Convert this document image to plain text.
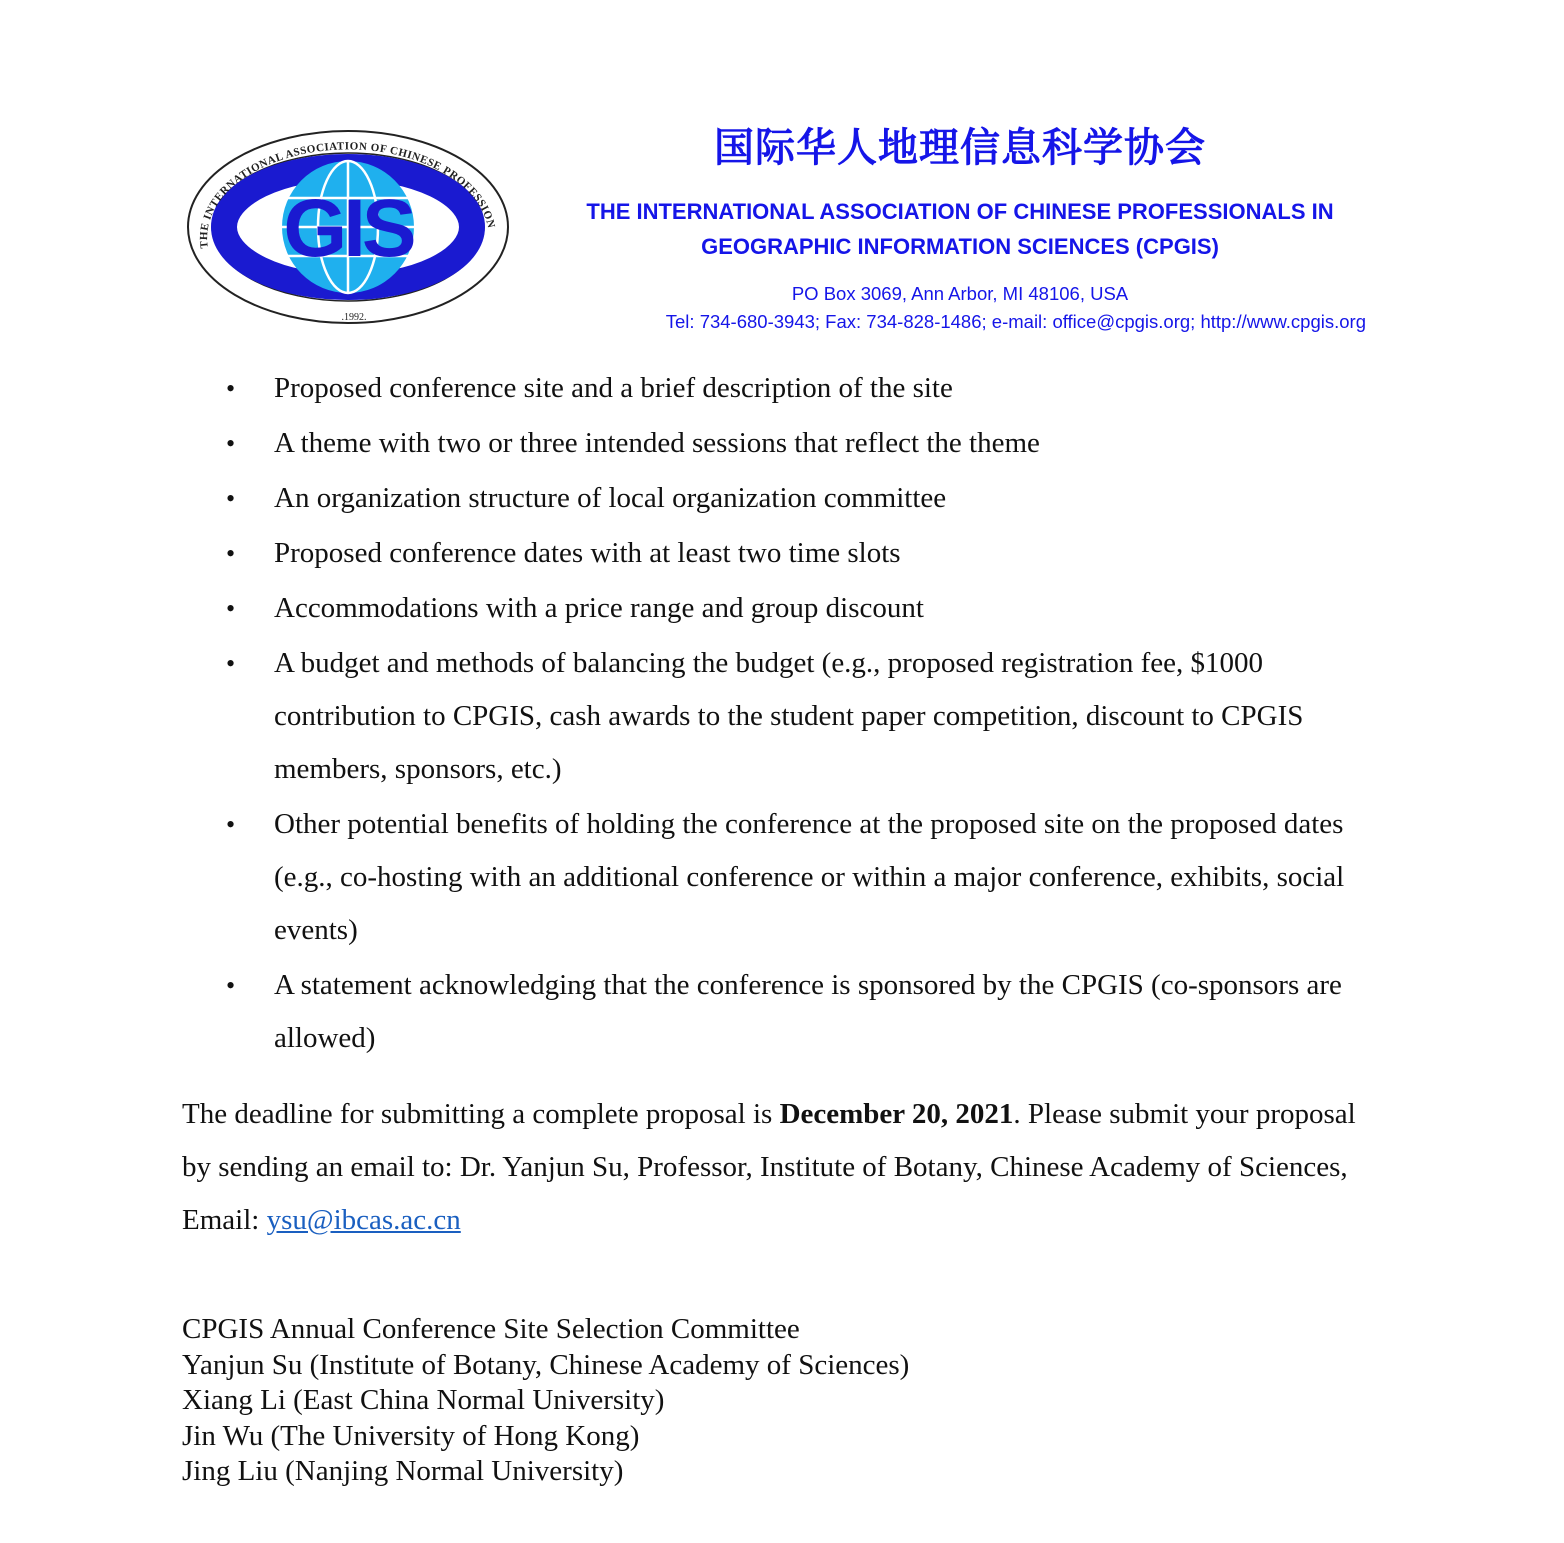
GIS
THE INTERNATIONAL ASSOCIATION OF CHINESE PROFESSION
.1992.
国际华人地理信息科学协会
THE INTERNATIONAL ASSOCIATION OF CHINESE PROFESSIONALS IN
GEOGRAPHIC INFORMATION SCIENCES (CPGIS)
PO Box 3069, Ann Arbor, MI 48106, USA
Tel: 734-680-3943; Fax: 734-828-1486; e-mail: office@cpgis.org; http://www.cpgis.org
• Proposed conference site and a brief description of the site
• A theme with two or three intended sessions that reflect the theme
• An organization structure of local organization committee
• Proposed conference dates with at least two time slots
• Accommodations with a price range and group discount
• A budget and methods of balancing the budget (e.g., proposed registration fee, $1000 contribution to CPGIS, cash awards to the student paper competition, discount to CPGIS members, sponsors, etc.)
• Other potential benefits of holding the conference at the proposed site on the proposed dates (e.g., co-hosting with an additional conference or within a major conference, exhibits, social events)
• A statement acknowledging that the conference is sponsored by the CPGIS (co-sponsors are allowed)

The deadline for submitting a complete proposal is December 20, 2021. Please submit your proposal by sending an email to: Dr. Yanjun Su, Professor, Institute of Botany, Chinese Academy of Sciences, Email: ysu@ibcas.ac.cn

CPGIS Annual Conference Site Selection Committee
Yanjun Su (Institute of Botany, Chinese Academy of Sciences)
Xiang Li (East China Normal University)
Jin Wu (The University of Hong Kong)
Jing Liu (Nanjing Normal University)
